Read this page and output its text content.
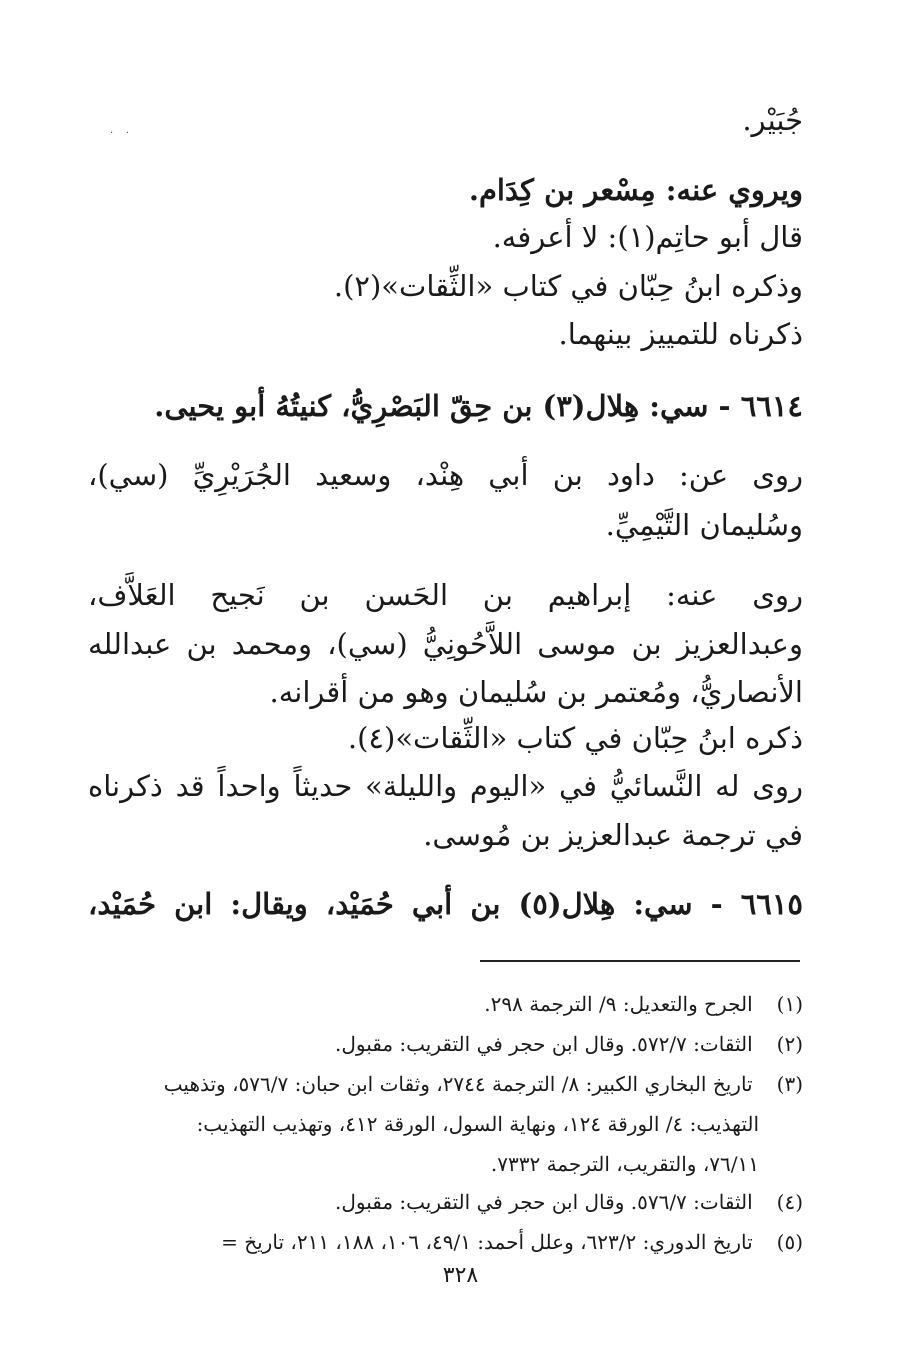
·    ·	جُبَيْر.
ويروي عنه: مِسْعر بن كِدَام.
قال أبو حاتِم(١): لا أعرفه.
وذكره ابنُ حِبّان في كتاب «الثِّقات»(٢).
ذكرناه للتمييز بينهما.
٦٦١٤ - سي: هِلال(٣) بن حِقّ البَصْرِيُّ، كنيتُهُ أبو يحيى.
روى عن: داود بن أبي هِنْد، وسعيد الجُرَيْرِيِّ (سي)،
وسُليمان التَّيْمِيِّ.
روى عنه: إبراهيم بن الحَسن بن نَجيح العَلاَّف،
وعبدالعزيز بن موسى اللاَّحُونِيُّ (سي)، ومحمد بن عبدالله
الأنصاريُّ، ومُعتمر بن سُليمان وهو من أقرانه.
ذكره ابنُ حِبّان في كتاب «الثِّقات»(٤).
روى له النَّسائيُّ في «اليوم والليلة» حديثاً واحداً قد ذكرناه
في ترجمة عبدالعزيز بن مُوسى.
٦٦١٥ - سي: هِلال(٥) بن أبي حُمَيْد، ويقال: ابن حُمَيْد،
(١) الجرح والتعديل: ٩/ الترجمة ٢٩٨.
(٢) الثقات: ٥٧٢/٧. وقال ابن حجر في التقريب: مقبول.
(٣) تاريخ البخاري الكبير: ٨/ الترجمة ٢٧٤٤، وثقات ابن حبان: ٥٧٦/٧، وتذهيب
التهذيب: ٤/ الورقة ١٢٤، ونهاية السول، الورقة ٤١٢، وتهذيب التهذيب:
٧٦/١١، والتقريب، الترجمة ٧٣٣٢.
(٤) الثقات: ٥٧٦/٧. وقال ابن حجر في التقريب: مقبول.
(٥) تاريخ الدوري: ٦٢٣/٢، وعلل أحمد: ٤٩/١، ١٠٦، ١٨٨، ٢١١، تاريخ =
٣٢٨
